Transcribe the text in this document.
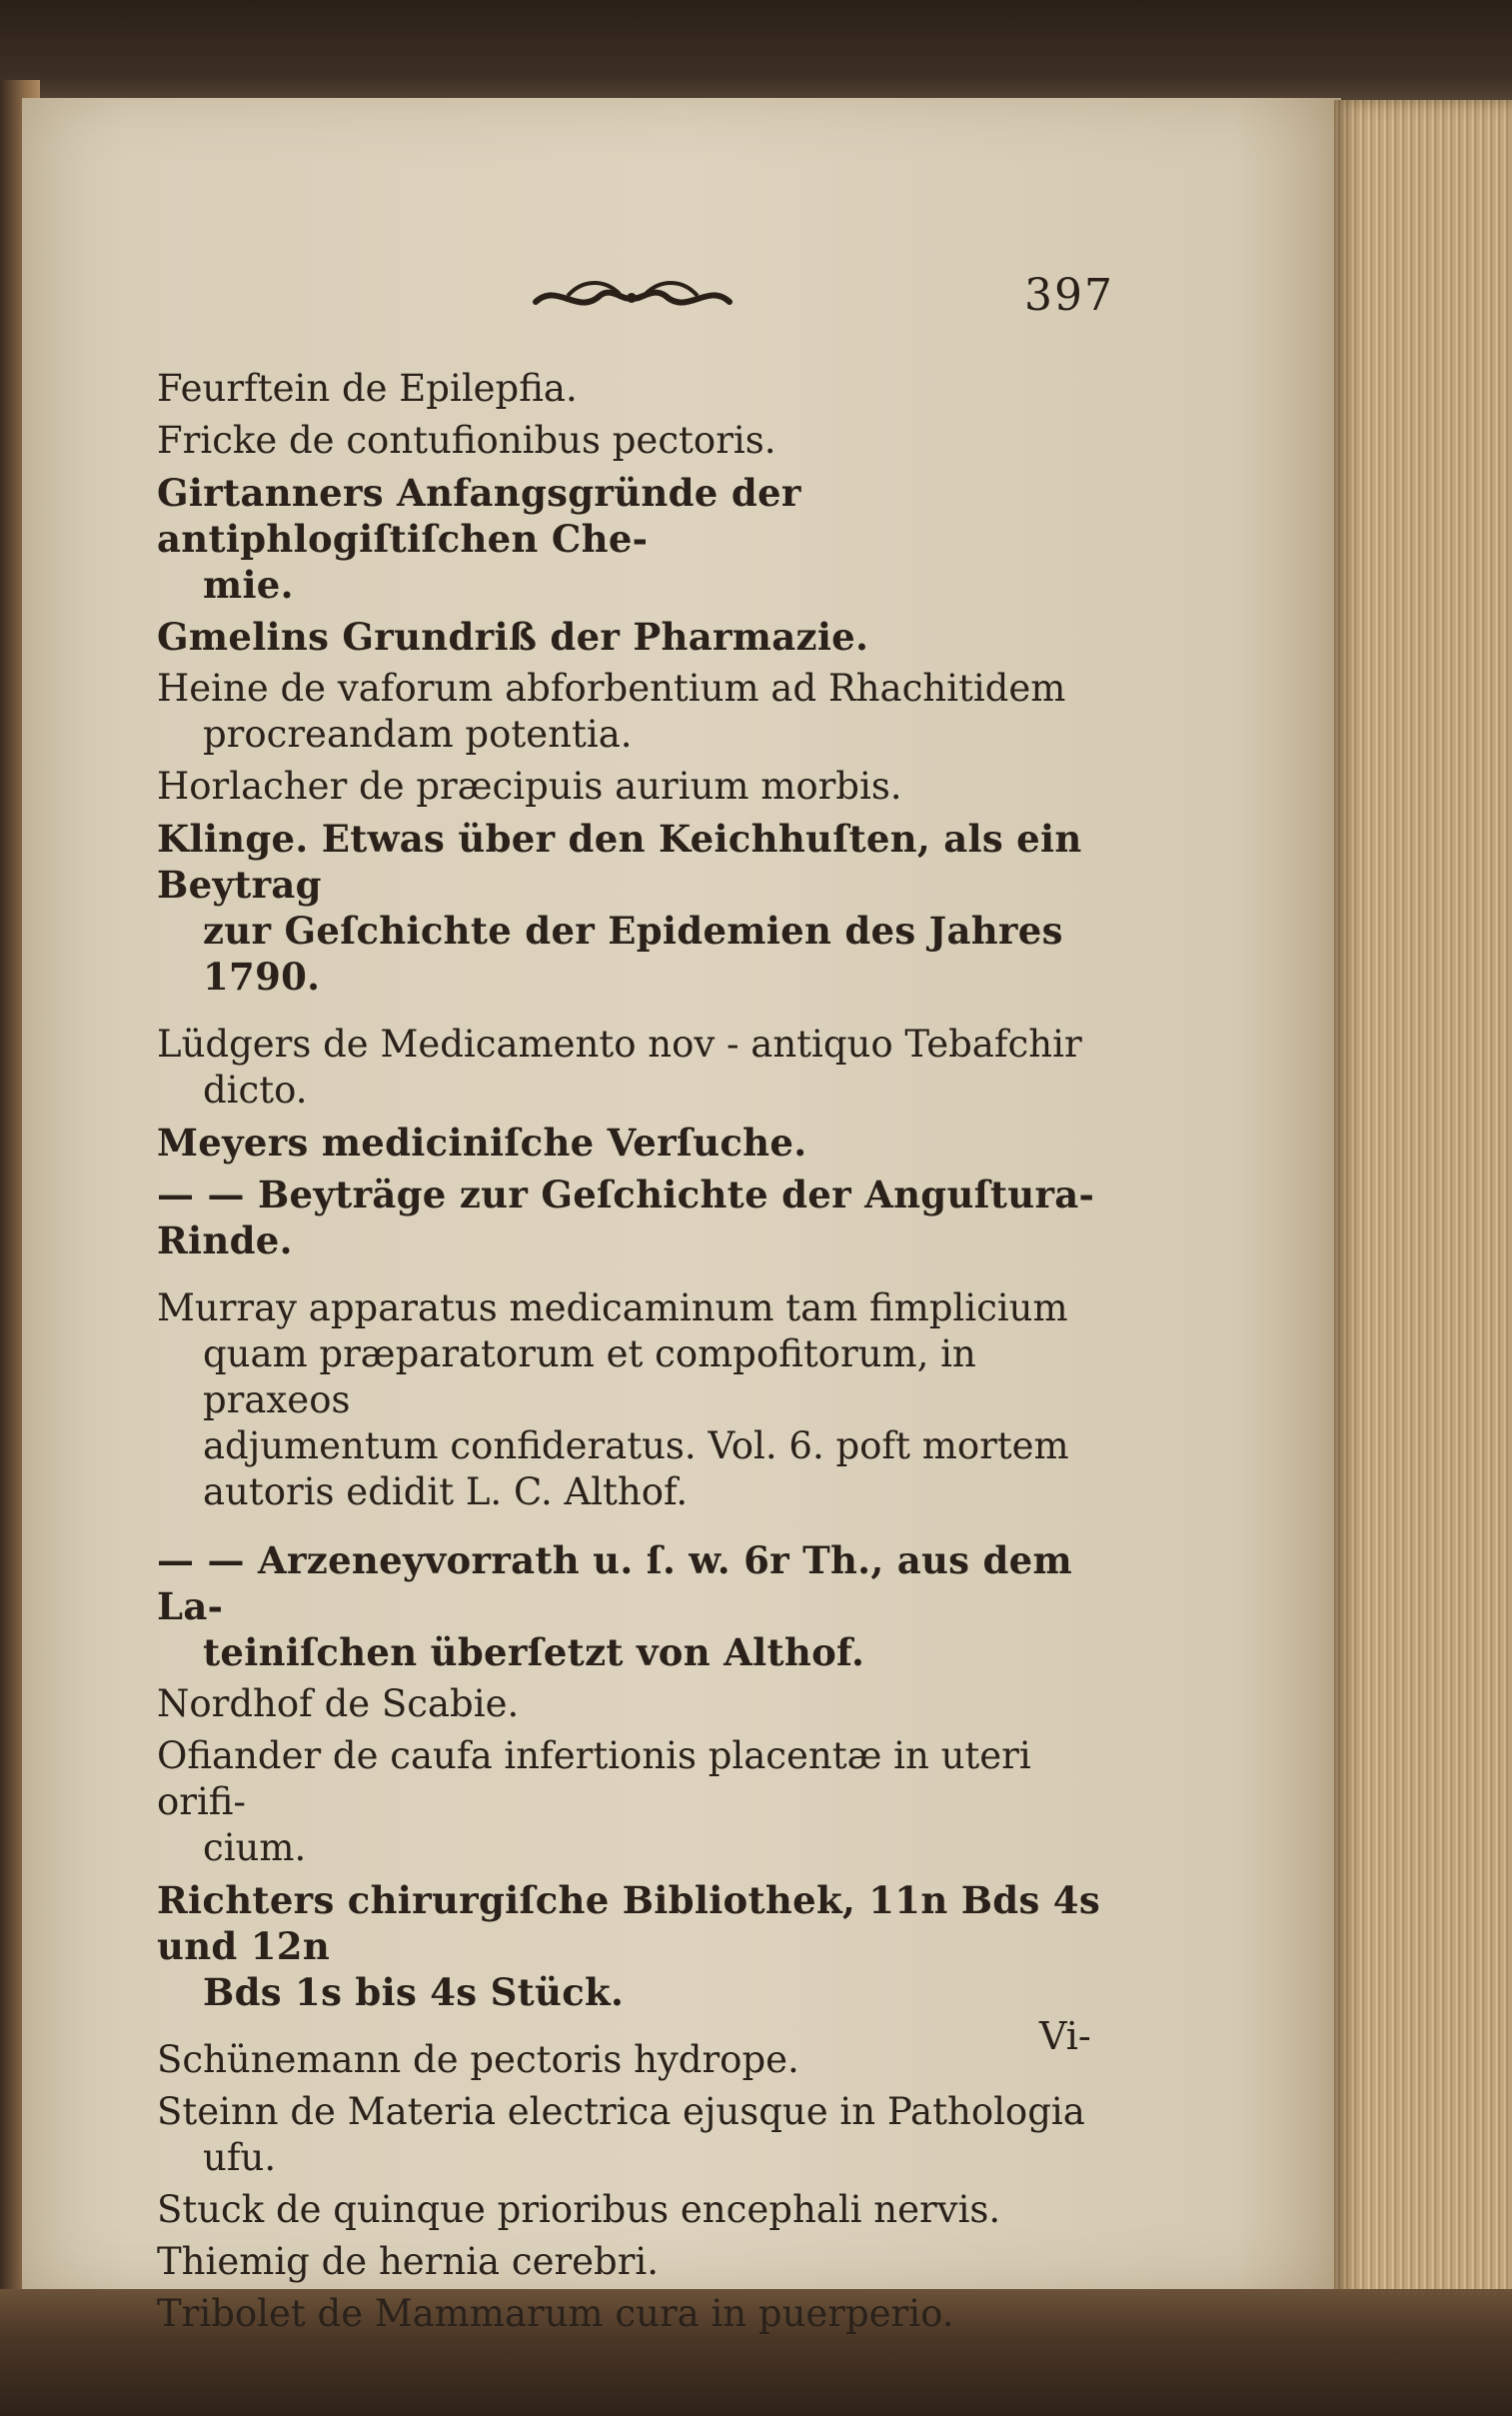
397
Feurftein de Epilepfia.
Fricke de contufionibus pectoris.
Girtanners Anfangsgründe der antiphlogiſtiſchen Che-
mie.
Gmelins Grundriß der Pharmazie.
Heine de vaforum abforbentium ad Rhachitidem
procreandam potentia.
Horlacher de præcipuis aurium morbis.
Klinge. Etwas über den Keichhuſten, als ein Beytrag
zur Geſchichte der Epidemien des Jahres 1790.
Lüdgers de Medicamento nov - antiquo Tebafchir
dicto.
Meyers mediciniſche Verſuche.
— — Beyträge zur Geſchichte der Anguſtura-Rinde.
Murray apparatus medicaminum tam fimplicium
quam præparatorum et compofitorum, in praxeos
adjumentum confideratus. Vol. 6. poft mortem
autoris edidit L. C. Althof.
— — Arzeneyvorrath u. ſ. w. 6r Th., aus dem La-
teiniſchen überſetzt von Althof.
Nordhof de Scabie.
Ofiander de caufa infertionis placentæ in uteri orifi-
cium.
Richters chirurgiſche Bibliothek, 11n Bds 4s und 12n
Bds 1s bis 4s Stück.
Schünemann de pectoris hydrope.
Steinn de Materia electrica ejusque in Pathologia
ufu.
Stuck de quinque prioribus encephali nervis.
Thiemig de hernia cerebri.
Tribolet de Mammarum cura in puerperio.
Vi-
